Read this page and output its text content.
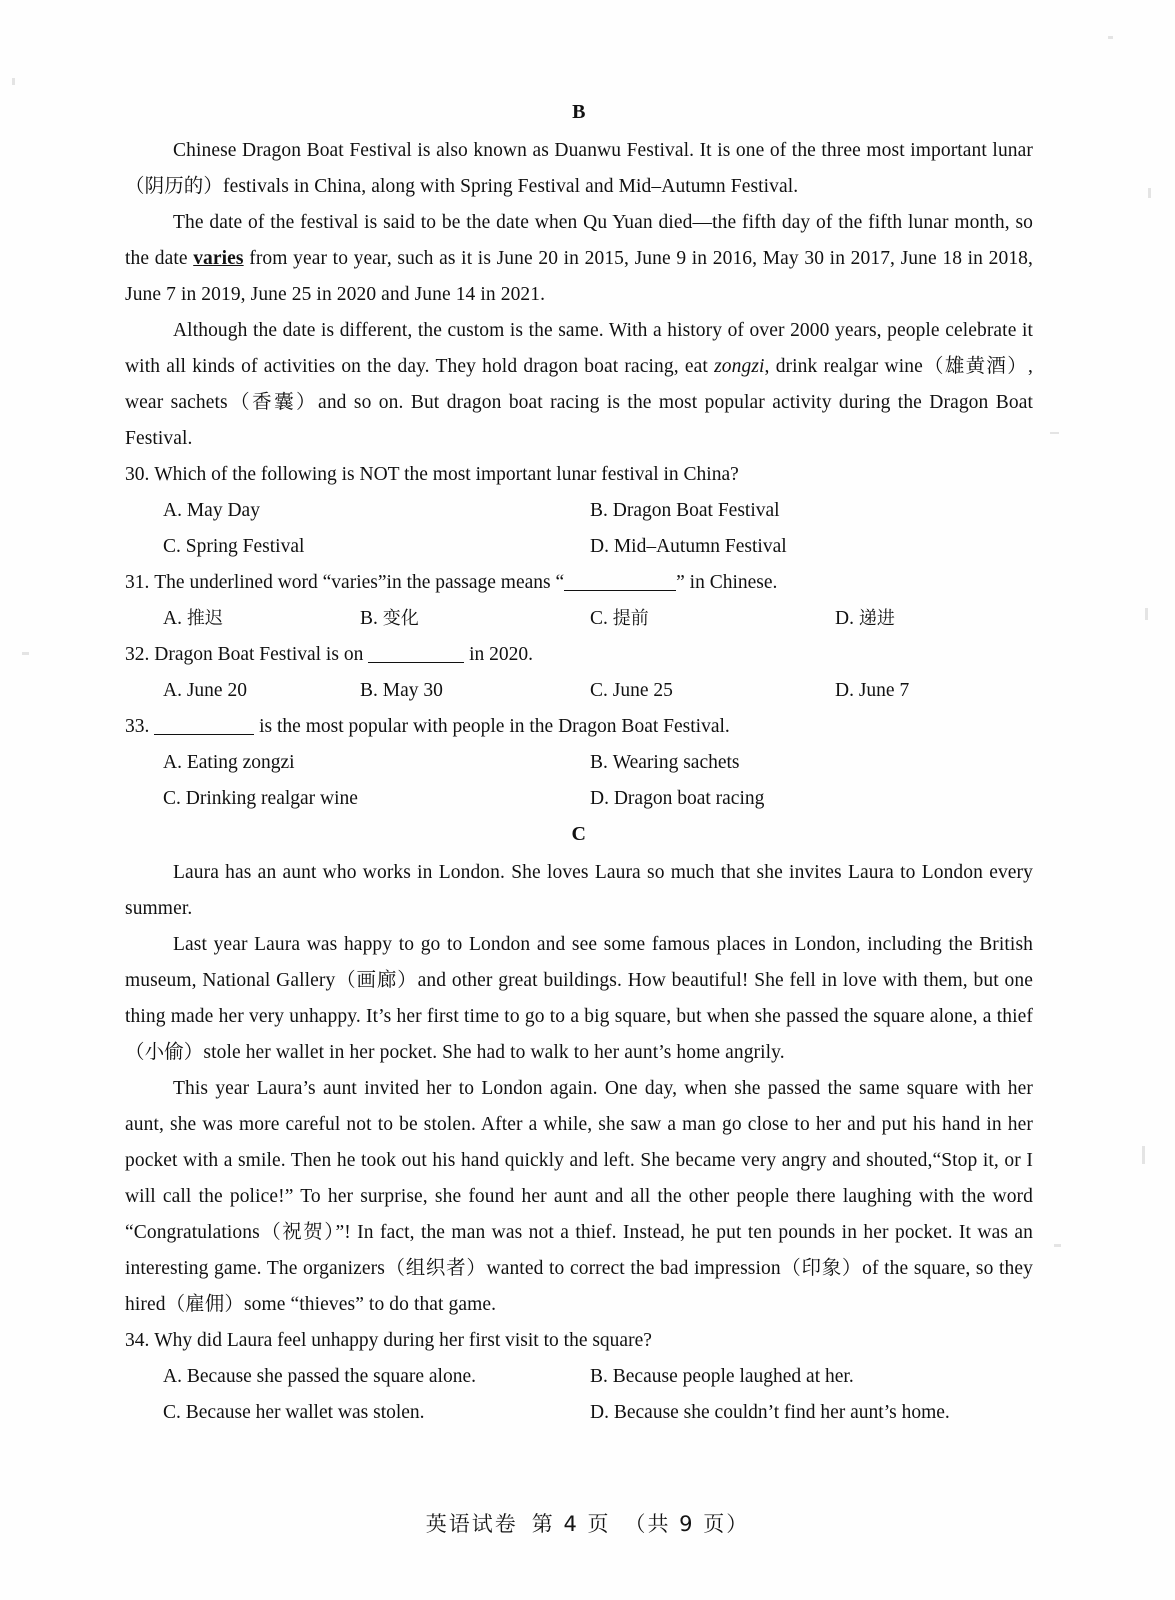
B

Chinese Dragon Boat Festival is also known as Duanwu Festival. It is one of the three most important lunar（阴历的）festivals in China, along with Spring Festival and Mid–Autumn Festival.

The date of the festival is said to be the date when Qu Yuan died—the fifth day of the fifth lunar month, so the date varies from year to year, such as it is June 20 in 2015, June 9 in 2016, May 30 in 2017, June 18 in 2018, June 7 in 2019, June 25 in 2020 and June 14 in 2021.

Although the date is different, the custom is the same. With a history of over 2000 years, people celebrate it with all kinds of activities on the day. They hold dragon boat racing, eat zongzi, drink realgar wine（雄黄酒）, wear sachets（香囊）and so on. But dragon boat racing is the most popular activity during the Dragon Boat Festival.

30. Which of the following is NOT the most important lunar festival in China?
A. May Day	B. Dragon Boat Festival
C. Spring Festival	D. Mid–Autumn Festival
31. The underlined word “varies”in the passage means “	” in Chinese.
A. 推迟	B. 变化	C. 提前	D. 递进
32. Dragon Boat Festival is on	in 2020.
A. June 20	B. May 30	C. June 25	D. June 7
33.	is the most popular with people in the Dragon Boat Festival.
A. Eating zongzi	B. Wearing sachets
C. Drinking realgar wine	D. Dragon boat racing
C

Laura has an aunt who works in London. She loves Laura so much that she invites Laura to London every summer.

Last year Laura was happy to go to London and see some famous places in London, including the British museum, National Gallery（画廊）and other great buildings. How beautiful! She fell in love with them, but one thing made her very unhappy. It’s her first time to go to a big square, but when she passed the square alone, a thief（小偷）stole her wallet in her pocket. She had to walk to her aunt’s home angrily.

This year Laura’s aunt invited her to London again. One day, when she passed the same square with her aunt, she was more careful not to be stolen. After a while, she saw a man go close to her and put his hand in her pocket with a smile. Then he took out his hand quickly and left. She became very angry and shouted,“Stop it, or I will call the police!” To her surprise, she found her aunt and all the other people there laughing with the word “Congratulations（祝贺）”! In fact, the man was not a thief. Instead, he put ten pounds in her pocket. It was an interesting game. The organizers（组织者）wanted to correct the bad impression（印象）of the square, so they hired（雇佣）some “thieves” to do that game.

34. Why did Laura feel unhappy during her first visit to the square?
A. Because she passed the square alone.	B. Because people laughed at her.
C. Because her wallet was stolen.	D. Because she couldn’t find her aunt’s home.
英语试卷 第 4 页 （共 9 页）
